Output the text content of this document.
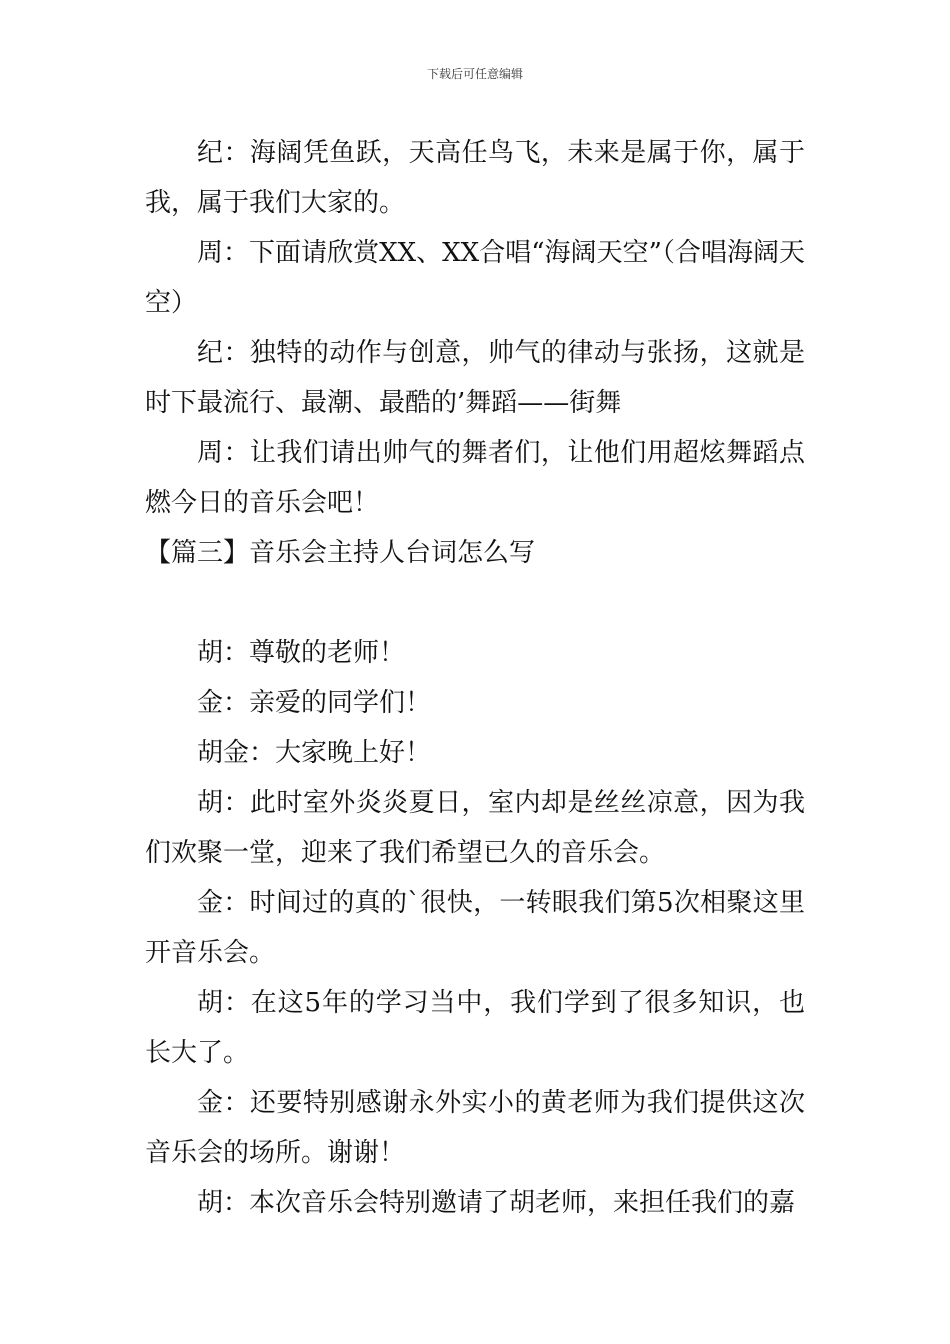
下载后可任意编辑

纪：海阔凭鱼跃，天高任鸟飞，未来是属于你，属于我，属于我们大家的。

周：下面请欣赏XX、XX合唱“海阔天空”（合唱海阔天空）

纪：独特的动作与创意，帅气的律动与张扬，这就是时下最流行、最潮、最酷的’舞蹈——街舞

周：让我们请出帅气的舞者们，让他们用超炫舞蹈点燃今日的音乐会吧！

【篇三】音乐会主持人台词怎么写

胡：尊敬的老师！

金：亲爱的同学们！

胡金：大家晚上好！

胡：此时室外炎炎夏日，室内却是丝丝凉意，因为我们欢聚一堂，迎来了我们希望已久的音乐会。

金：时间过的真的`很快，一转眼我们第5次相聚这里开音乐会。

胡：在这5年的学习当中，我们学到了很多知识，也长大了。

金：还要特别感谢永外实小的黄老师为我们提供这次音乐会的场所。谢谢！

胡：本次音乐会特别邀请了胡老师，来担任我们的嘉
